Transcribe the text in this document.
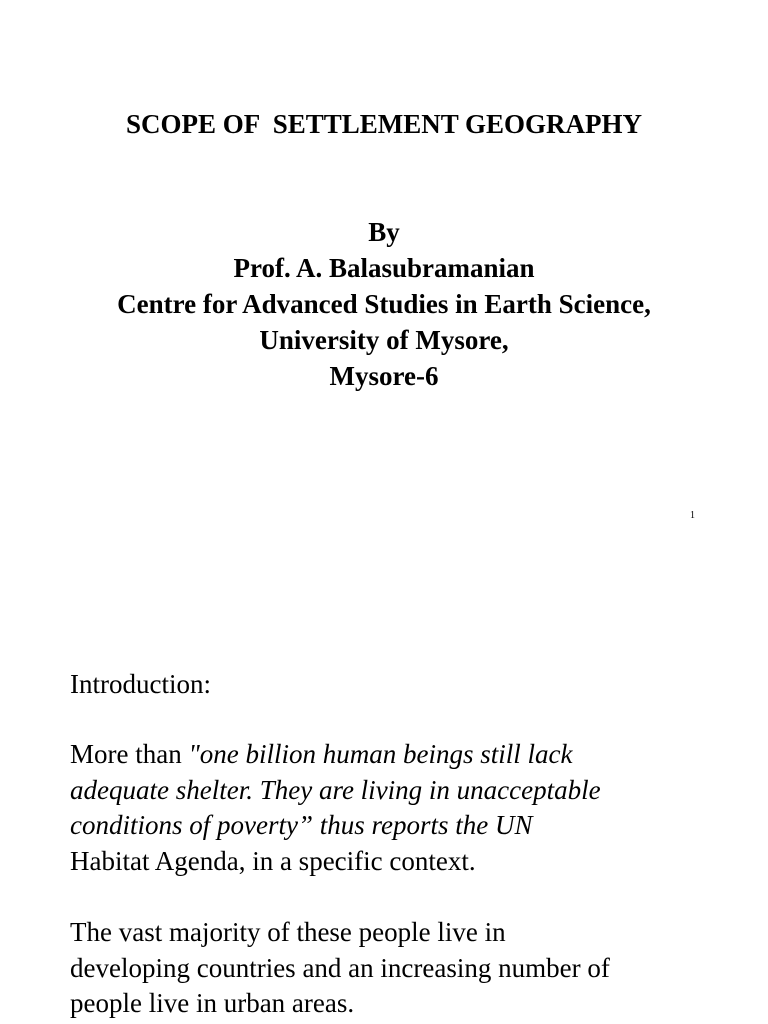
SCOPE OF  SETTLEMENT GEOGRAPHY
By
Prof. A. Balasubramanian
Centre for Advanced Studies in Earth Science,
University of Mysore,
Mysore-6
1
Introduction:
More than "one billion human beings still lack
adequate shelter. They are living in unacceptable
conditions of poverty” thus reports the UN
Habitat Agenda, in a specific context.
The vast majority of these people live in
developing countries and an increasing number of
people live in urban areas.
